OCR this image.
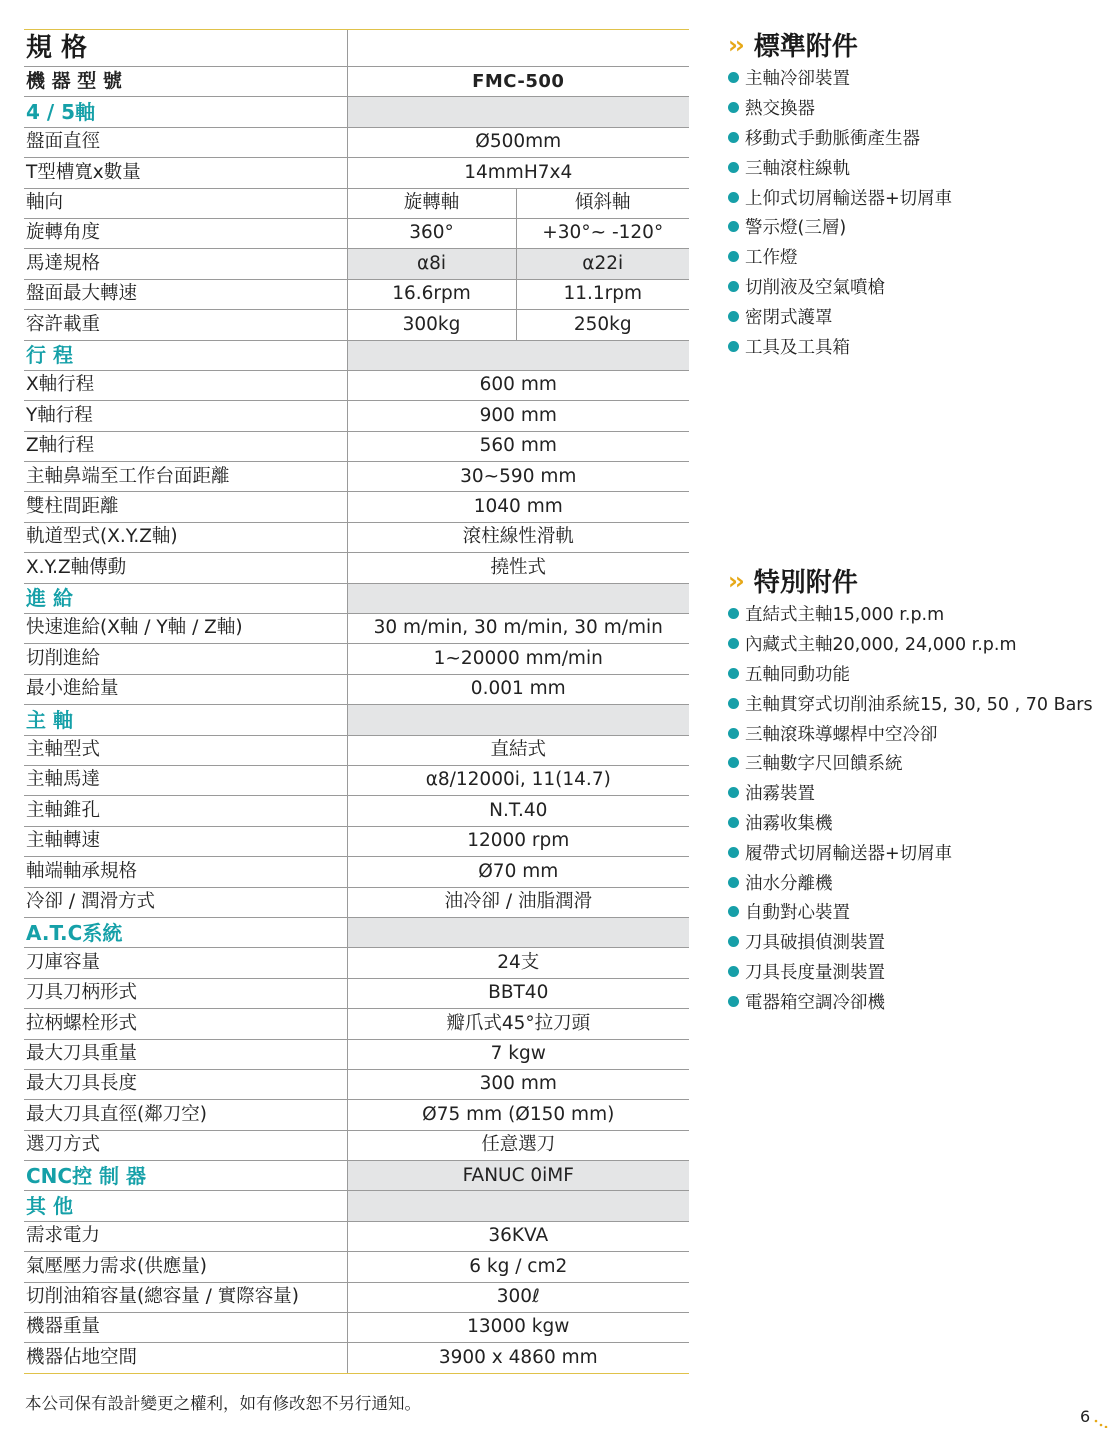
規 格		
機 器 型 號	FMC-500	
4 / 5軸		
盤面直徑	Ø500mm	
T型槽寬x數量	14mmH7x4	
軸向	旋轉軸	傾斜軸
旋轉角度	360°	+30°~ -120°
馬達規格	α8i	α22i
盤面最大轉速	16.6rpm	11.1rpm
容許載重	300kg	250kg
行 程		
X軸行程	600 mm	
Y軸行程	900 mm	
Z軸行程	560 mm	
主軸鼻端至工作台面距離	30~590 mm	
雙柱間距離	1040 mm	
軌道型式(X.Y.Z軸)	滾柱線性滑軌	
X.Y.Z軸傳動	撓性式	
進 給		
快速進給(X軸 / Y軸 / Z軸)	30 m/min, 30 m/min, 30 m/min	
切削進給	1~20000 mm/min	
最小進給量	0.001 mm	
主 軸		
主軸型式	直結式	
主軸馬達	α8/12000i, 11(14.7)	
主軸錐孔	N.T.40	
主軸轉速	12000 rpm	
軸端軸承規格	Ø70 mm	
冷卻 / 潤滑方式	油冷卻 / 油脂潤滑	
A.T.C系統		
刀庫容量	24支	
刀具刀柄形式	BBT40	
拉柄螺栓形式	瓣爪式45°拉刀頭	
最大刀具重量	7 kgw	
最大刀具長度	300 mm	
最大刀具直徑(鄰刀空)	Ø75 mm (Ø150 mm)	
選刀方式	任意選刀	
CNC控 制 器	FANUC 0iMF	
其 他		
需求電力	36KVA	
氣壓壓力需求(供應量)	6 kg / cm2	
切削油箱容量(總容量 / 實際容量)	300ℓ	
機器重量	13000 kgw	
機器佔地空間	3900 x 4860 mm	
本公司保有設計變更之權利，如有修改恕不另行通知。
6
›› 標準附件
主軸冷卻裝置
熱交換器
移動式手動脈衝產生器
三軸滾柱線軌
上仰式切屑輸送器+切屑車
警示燈(三層)
工作燈
切削液及空氣噴槍
密閉式護罩
工具及工具箱
›› 特別附件
直結式主軸15,000 r.p.m
內藏式主軸20,000, 24,000 r.p.m
五軸同動功能
主軸貫穿式切削油系統15, 30, 50 , 70 Bars
三軸滾珠導螺桿中空冷卻
三軸數字尺回饋系統
油霧裝置
油霧收集機
履帶式切屑輸送器+切屑車
油水分離機
自動對心裝置
刀具破損偵測裝置
刀具長度量測裝置
電器箱空調冷卻機
